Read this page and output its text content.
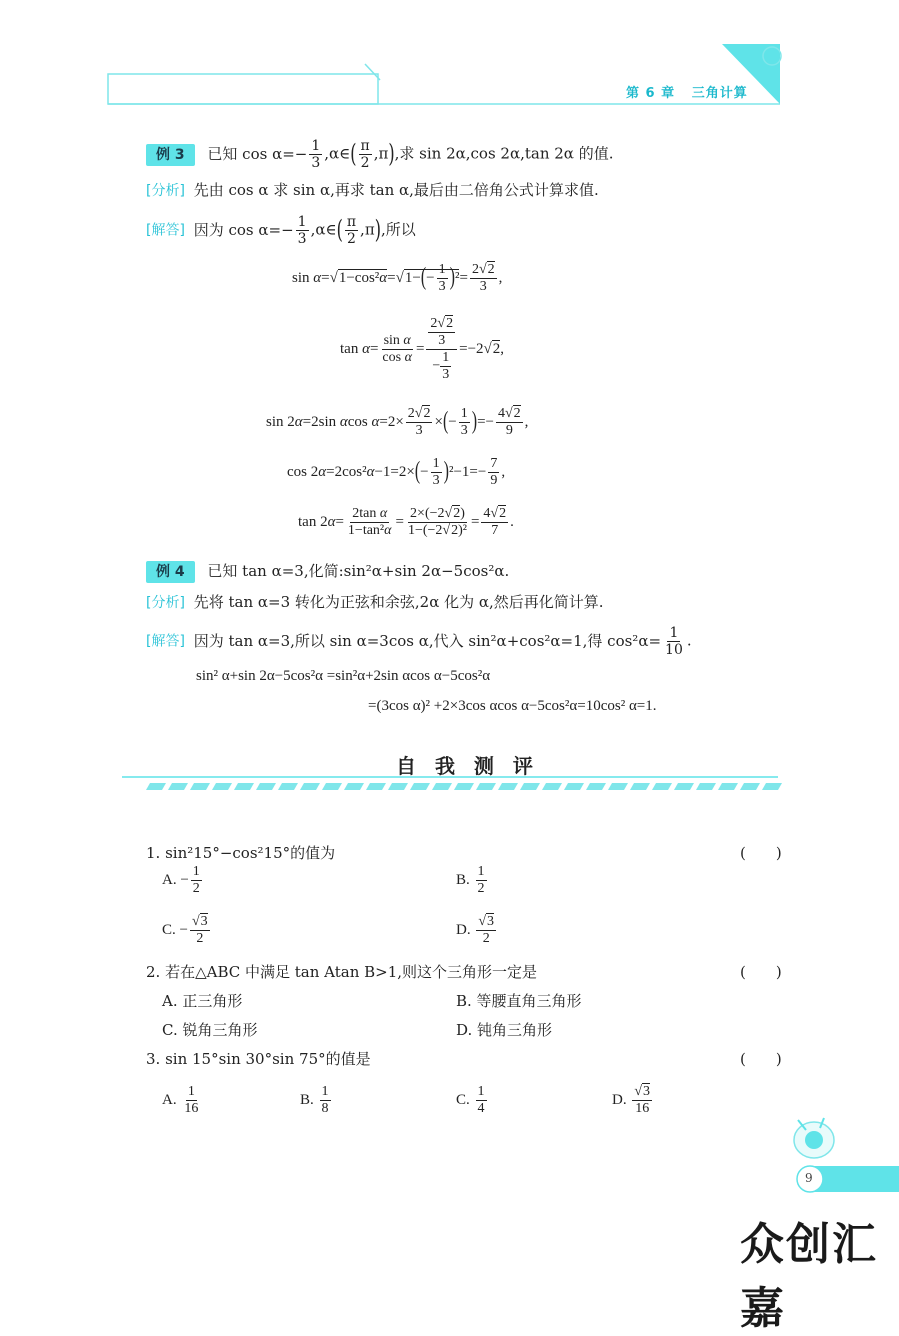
第 6 章 三角计算
例 3 已知 $\cos \alpha=- \frac{1}{3}$ ,α∈( $\frac{\pi}{2} ,\pi$),求 sin 2α,cos 2α,tan 2α 的值.
[分析] 先由 cos α 求 sin α,再求 tan α,最后由二倍角公式计算求值.
[解答] 因为 $\cos \alpha=- \frac{1}{3}$ ,α∈( $\frac{\pi}{2} ,\pi$),所以
$\sin \alpha=√1-\cos^2\alpha=√1-(- \frac{1}{3} )^2= \frac{2√2}{3}$ ,
$\tan \alpha= \frac{\text{sin α}}{\text{cos α}} = \frac{\frac{2√2}{3}}{- \frac{1}{3}} =-2√2$,
sin 2α=2sin αcos $\alpha=2\times \frac{2√2}{3}$ ×(− $\frac{1}{3}$ )=− $\frac{4√2}{9}$ ,
$\cos 2\alpha=2\cos^2\alpha-1=2\times(- \frac{1}{3} )^2-1=- \frac{7}{9}$ ,
$\tan 2\alpha= \frac{\text{2tan α}}{\text{1−tan²α}} = \frac{2\times(-2√2)}{\text{1−(−2√2)²}} = \frac{4√2}{7}$ .
例 4 已知 tan α=3,化简:sin²α+sin 2α−5cos²α.
[分析] 先将 tan α=3 转化为正弦和余弦,2α 化为 α,然后再化简计算.
[解答] 因为 tan α=3,所以 sin α=3cos α,代入 sin²α+cos²α=1,得 $\cos^2\alpha= \frac{1}{10}$ .
sin² α+sin 2α−5cos²α =sin²α+2sin αcos α−5cos²α
=(3cos α)² +2×3cos αcos α−5cos²α=10cos² α=1.
自 我 测 评
1. sin²15°−cos²15°的值为	(　　)
A. − $\frac{1}{2}$	B. $\frac{1}{2}$
C. − $\frac{√3}{2}$	D. $\frac{√3}{2}$
2. 若在△ABC 中满足 tan Atan B>1,则这个三角形一定是	(　　)
A. 正三角形	B. 等腰直角三角形
C. 锐角三角形	D. 钝角三角形
3. sin 15°sin 30°sin 75°的值是	(　　)
A. $\frac{1}{16}$	B. $\frac{1}{8}$	C. $\frac{1}{4}$	D. $\frac{√3}{16}$
9
众创汇嘉
